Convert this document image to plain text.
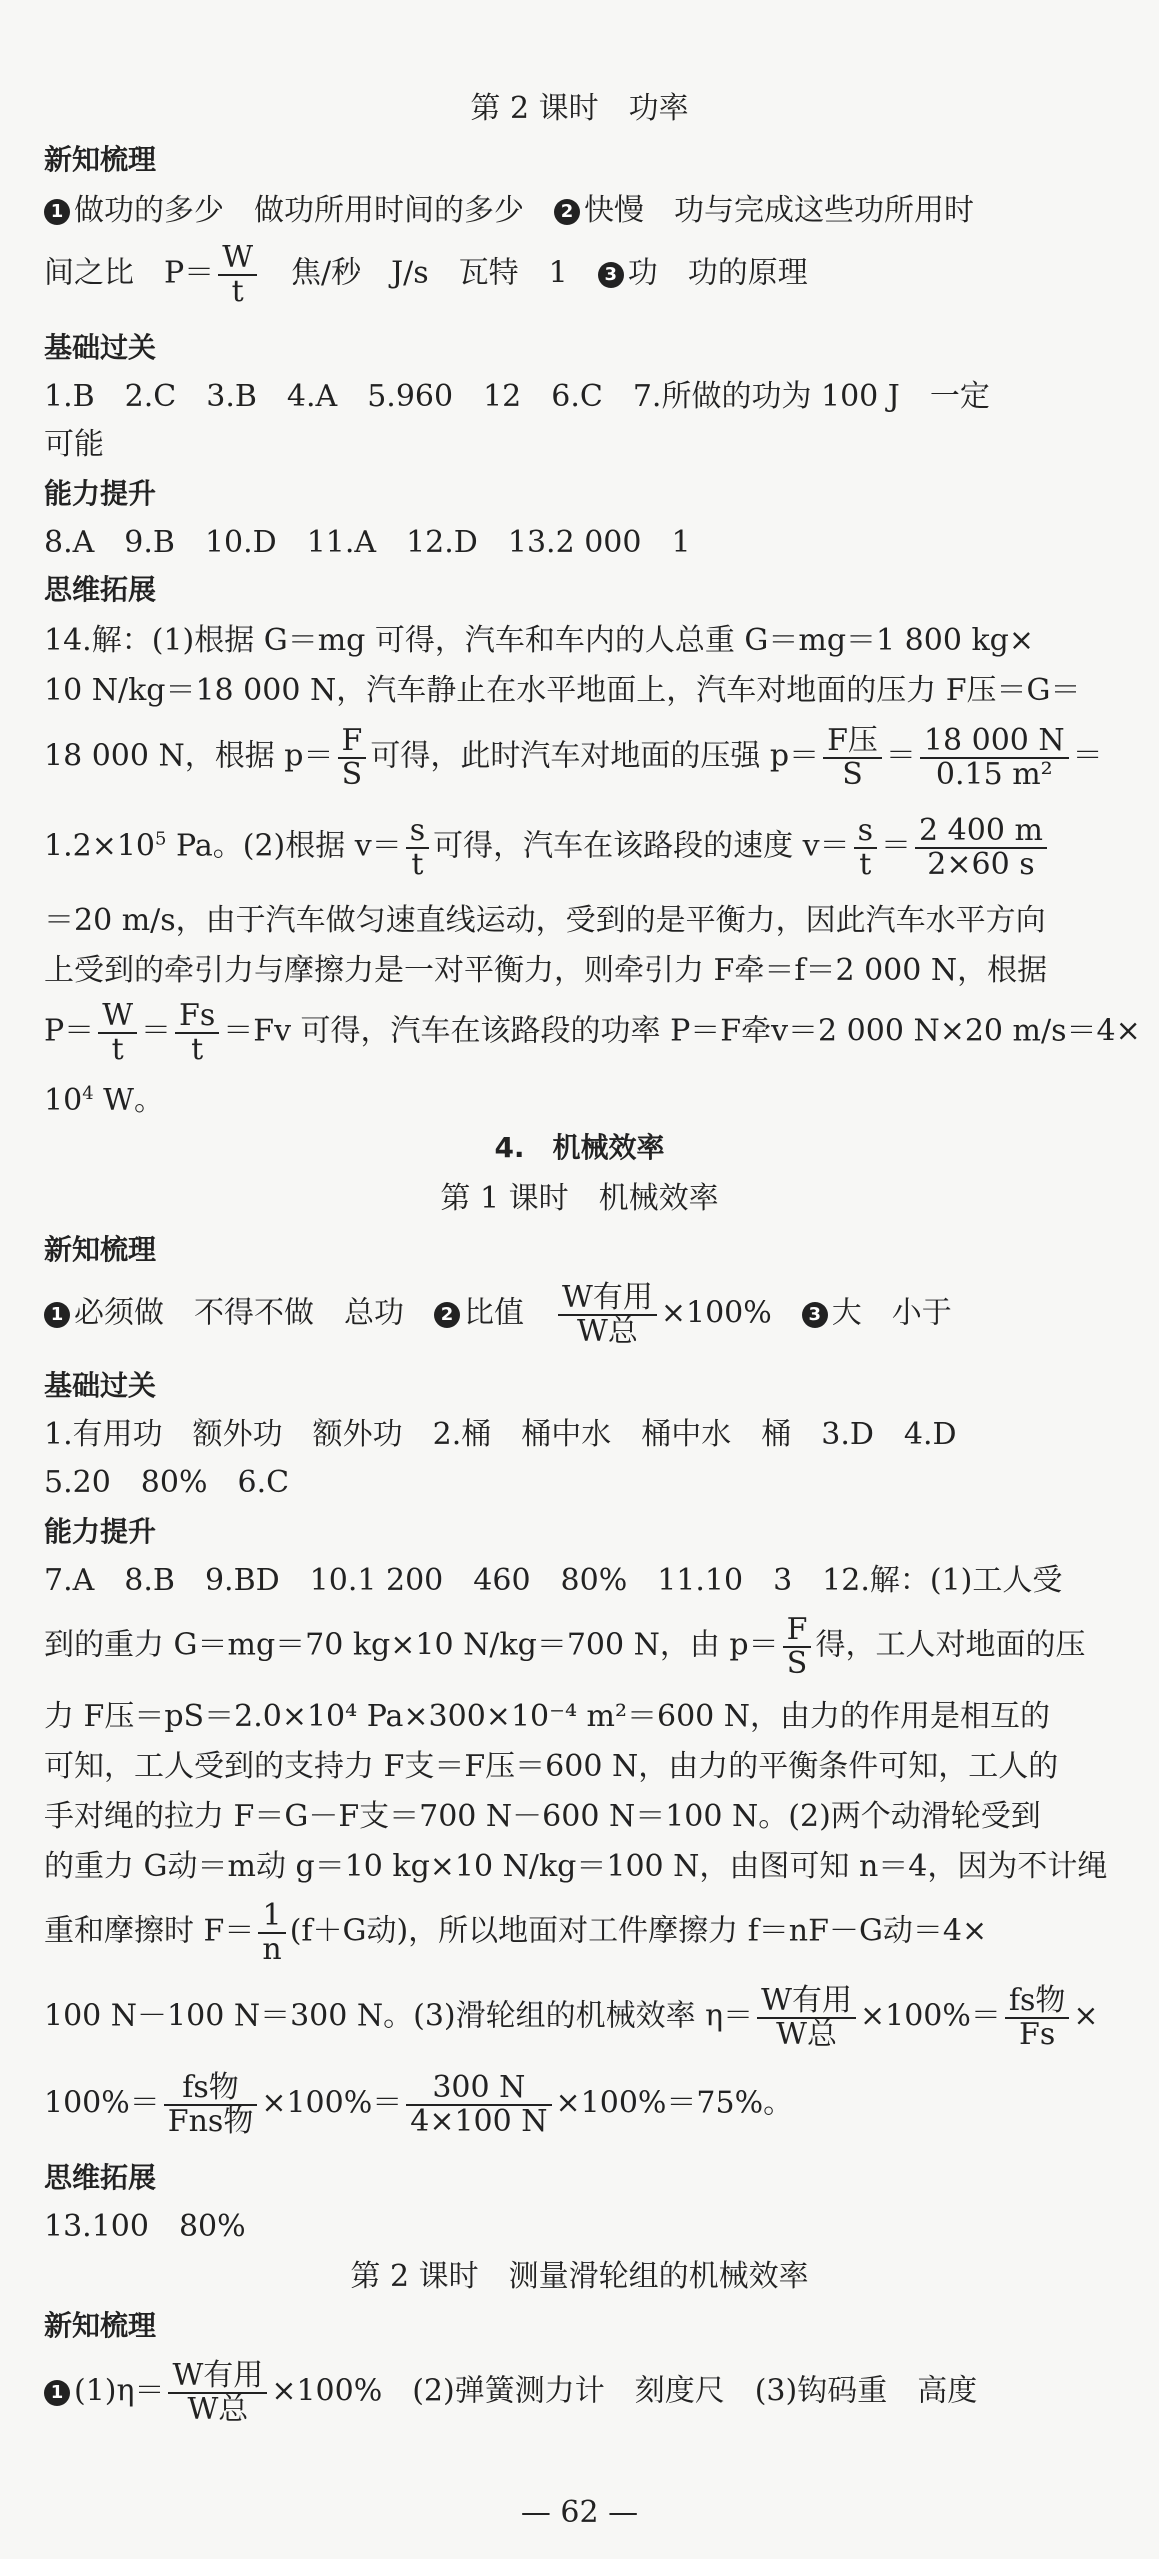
第 2 课时　功率
新知梳理
1 做功的多少　做功所用时间的多少　2 快慢　功与完成这些功所用时
间之比　$P= \frac{W}{t}$ 　焦/秒　J/s　瓦特　1　3 功　功的原理
基础过关
1.B　2.C　3.B　4.A　5.960　12　6.C　7.所做的功为 100 J　一定
可能
能力提升
8.A　9.B　10.D　11.A　12.D　13.2 000　1
思维拓展
14.解：(1)根据 G＝mg 可得，汽车和车内的人总重 G＝mg＝1 800 kg×
10 N/kg＝18 000 N，汽车静止在水平地面上，汽车对地面的压力 F压＝G＝
18 000 N，根据 $p= \frac{F}{S}$ 可得，此时汽车对地面的压强 $p= \frac{\text{F压}}{S} = \frac{18 000 N}{\text{0.15 m²}}$ ＝
$1.2\times 10^5$ Pa。(2)根据 $v= \frac{s}{t}$ 可得，汽车在该路段的速度 $v= \frac{s}{t} = \frac{2 400 m}{2\times 60 s}$
＝20 m/s，由于汽车做匀速直线运动，受到的是平衡力，因此汽车水平方向
上受到的牵引力与摩擦力是一对平衡力，则牵引力 F牵＝f＝2 000 N，根据
$P= \frac{W}{t} = \frac{Fs}{t} =Fv$ 可得，汽车在该路段的功率 P＝F牵v＝2 000 N×20 m/s＝4×
$10^4$ W。
4.　机械效率
第 1 课时　机械效率
新知梳理
1 必须做　不得不做　总功　2 比值　 $\frac{\text{W有用}}{\text{W总}} \times 100\%$　3 大　小于
基础过关
1.有用功　额外功　额外功　2.桶　桶中水　桶中水　桶　3.D　4.D
5.20　80%　6.C
能力提升
7.A　8.B　9.BD　10.1 200　460　80%　11.10　3　12.解：(1)工人受
到的重力 G＝mg＝70 kg×10 N/kg＝700 N，由 $p= \frac{F}{S}$ 得，工人对地面的压
力 F压＝pS＝2.0×10⁴ Pa×300×10⁻⁴ m²＝600 N，由力的作用是相互的
可知，工人受到的支持力 F支＝F压＝600 N，由力的平衡条件可知，工人的
手对绳的拉力 F＝G－F支＝700 N－600 N＝100 N。(2)两个动滑轮受到
的重力 G动＝m动 g＝10 kg×10 N/kg＝100 N，由图可知 n＝4，因为不计绳
重和摩擦时 $F= \frac{1}{n} (f+G$动)，所以地面对工件摩擦力 f＝nF－G动＝4×
100 N－100 N＝300 N。(3)滑轮组的机械效率 $\eta= \frac{\text{W有用}}{\text{W总}} \times 100\%= \frac{\text{fs物}}{Fs}$ ×
$100\%= \frac{\text{fs物}}{\text{Fns物}} \times 100\%= \frac{300 N}{4\times 100 N} \times 100\%=75\%$。
思维拓展
13.100　80%
第 2 课时　测量滑轮组的机械效率
新知梳理
1 $(1)\eta= \frac{\text{W有用}}{\text{W总}} \times 100\%$　(2)弹簧测力计　刻度尺　(3)钩码重　高度
— 62 —
